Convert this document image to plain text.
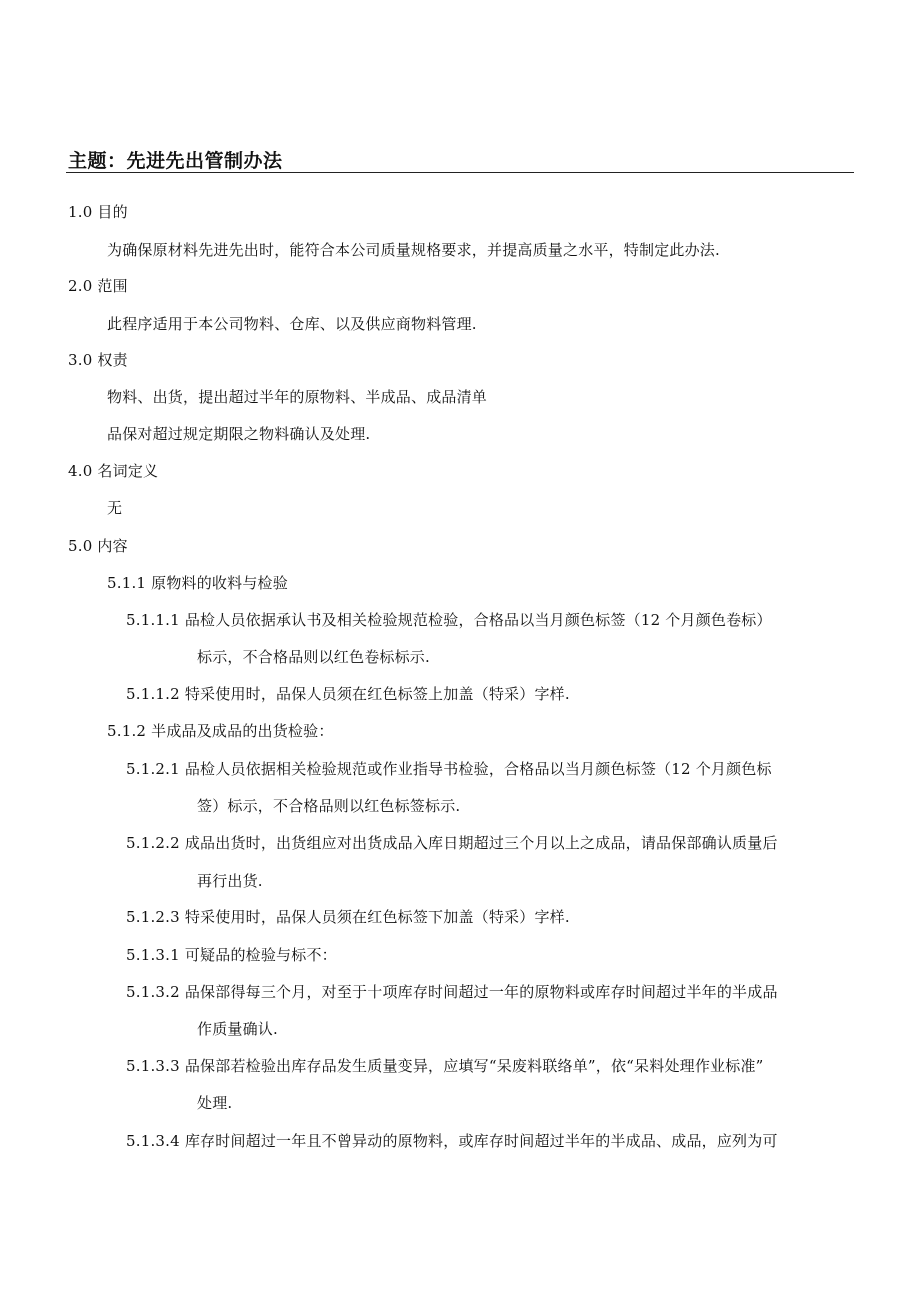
主题：先进先出管制办法
1.0 目的
为确保原材料先进先出时，能符合本公司质量规格要求，并提高质量之水平，特制定此办法.
2.0 范围
此程序适用于本公司物料、仓库、以及供应商物料管理.
3.0 权责
物料、出货，提出超过半年的原物料、半成品、成品清单
品保对超过规定期限之物料确认及处理.
4.0 名词定义
无
5.0 内容
5.1.1 原物料的收料与检验
5.1.1.1 品检人员依据承认书及相关检验规范检验，合格品以当月颜色标签（12 个月颜色卷标）
标示，不合格品则以红色卷标标示.
5.1.1.2 特采使用时，品保人员须在红色标签上加盖（特采）字样.
5.1.2 半成品及成品的出货检验：
5.1.2.1 品检人员依据相关检验规范或作业指导书检验，合格品以当月颜色标签（12 个月颜色标
签）标示，不合格品则以红色标签标示.
5.1.2.2 成品出货时，出货组应对出货成品入库日期超过三个月以上之成品，请品保部确认质量后
再行出货.
5.1.2.3 特采使用时，品保人员须在红色标签下加盖（特采）字样.
5.1.3.1 可疑品的检验与标不：
5.1.3.2 品保部得每三个月，对至于十项库存时间超过一年的原物料或库存时间超过半年的半成品
作质量确认.
5.1.3.3 品保部若检验出库存品发生质量变异，应填写“呆废料联络单”，依“呆料处理作业标准”
处理.
5.1.3.4 库存时间超过一年且不曾异动的原物料，或库存时间超过半年的半成品、成品，应列为可
